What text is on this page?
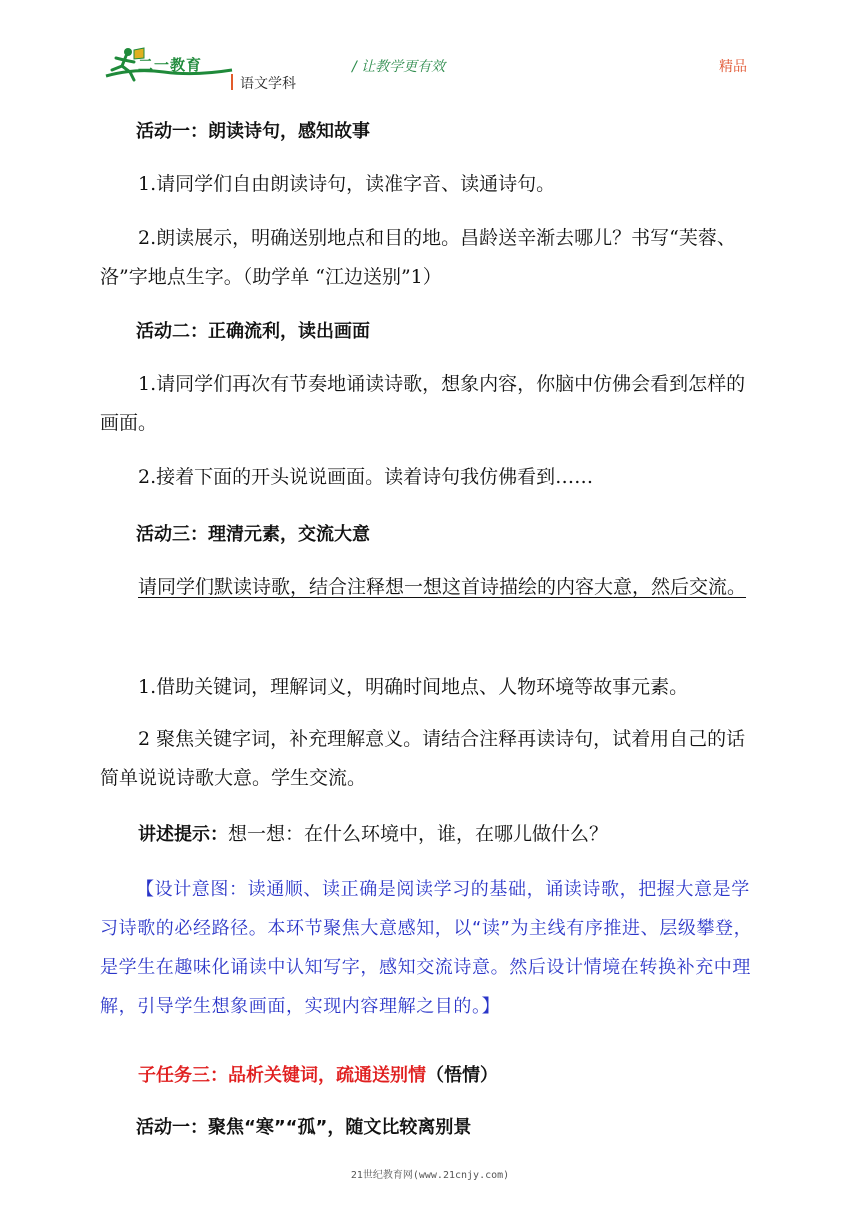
二一教育
语文学科
/ 让教学更有效	精品

活动一：朗读诗句，感知故事

1.请同学们自由朗读诗句，读准字音、读通诗句。

2.朗读展示，明确送别地点和目的地。昌龄送辛渐去哪儿？书写“芙蓉、洛”字地点生字。（助学单 “江边送别”1）

活动二：正确流利，读出画面

1.请同学们再次有节奏地诵读诗歌，想象内容，你脑中仿佛会看到怎样的画面。

2.接着下面的开头说说画面。读着诗句我仿佛看到……

活动三：理清元素，交流大意

请同学们默读诗歌，结合注释想一想这首诗描绘的内容大意，然后交流。

1.借助关键词，理解词义，明确时间地点、人物环境等故事元素。

2 聚焦关键字词，补充理解意义。请结合注释再读诗句，试着用自己的话简单说说诗歌大意。学生交流。

讲述提示：想一想：在什么环境中，谁，在哪儿做什么？

【设计意图：读通顺、读正确是阅读学习的基础，诵读诗歌，把握大意是学习诗歌的必经路径。本环节聚焦大意感知，以“读”为主线有序推进、层级攀登，是学生在趣味化诵读中认知写字，感知交流诗意。然后设计情境在转换补充中理解，引导学生想象画面，实现内容理解之目的。】

子任务三：品析关键词，疏通送别情（悟情）

活动一：聚焦“寒”“孤”，随文比较离别景

21世纪教育网(www.21cnjy.com)
